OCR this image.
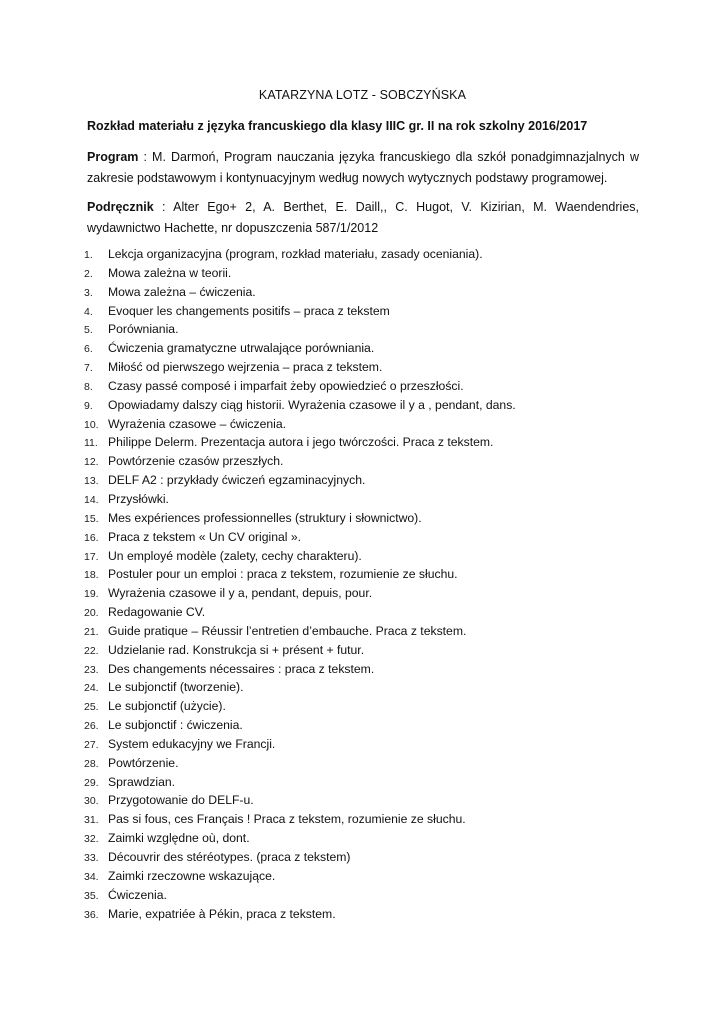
KATARZYNA LOTZ - SOBCZYŃSKA
Rozkład materiału z języka francuskiego dla klasy IIIC gr. II na rok szkolny 2016/2017
Program : M. Darmoń, Program nauczania języka francuskiego dla szkół ponadgimnazjalnych w zakresie podstawowym i kontynuacyjnym według nowych wytycznych podstawy programowej.
Podręcznik : Alter Ego+ 2, A. Berthet, E. Daill,, C. Hugot, V. Kizirian, M. Waendendries, wydawnictwo Hachette, nr dopuszczenia 587/1/2012
1. Lekcja organizacyjna (program, rozkład materiału, zasady oceniania).
2. Mowa zależna w teorii.
3. Mowa zależna – ćwiczenia.
4. Evoquer les changements positifs – praca z tekstem
5. Porówniania.
6. Ćwiczenia gramatyczne utrwalające porówniania.
7. Miłość od pierwszego wejrzenia – praca z tekstem.
8. Czasy passé composé i imparfait żeby opowiedzieć o przeszłości.
9. Opowiadamy dalszy ciąg historii. Wyrażenia czasowe il y a , pendant, dans.
10. Wyrażenia czasowe – ćwiczenia.
11. Philippe Delerm. Prezentacja autora i jego twórczości. Praca z tekstem.
12. Powtórzenie czasów przeszłych.
13. DELF A2 : przykłady ćwiczeń egzaminacyjnych.
14. Przysłówki.
15. Mes expériences professionnelles (struktury i słownictwo).
16. Praca z tekstem « Un CV original ».
17. Un employé modèle (zalety, cechy charakteru).
18. Postuler pour un emploi : praca z tekstem, rozumienie ze słuchu.
19. Wyrażenia czasowe il y a, pendant, depuis, pour.
20. Redagowanie CV.
21. Guide pratique – Réussir l’entretien d’embauche. Praca z tekstem.
22. Udzielanie rad. Konstrukcja si + présent + futur.
23. Des changements nécessaires : praca z tekstem.
24. Le subjonctif (tworzenie).
25. Le subjonctif (użycie).
26. Le subjonctif : ćwiczenia.
27. System edukacyjny we Francji.
28. Powtórzenie.
29. Sprawdzian.
30. Przygotowanie do DELF-u.
31. Pas si fous, ces Français ! Praca z tekstem, rozumienie ze słuchu.
32. Zaimki względne où, dont.
33. Découvrir des stéréotypes. (praca z tekstem)
34. Zaimki rzeczowne wskazujące.
35. Ćwiczenia.
36. Marie, expatriée à Pékin, praca z tekstem.
